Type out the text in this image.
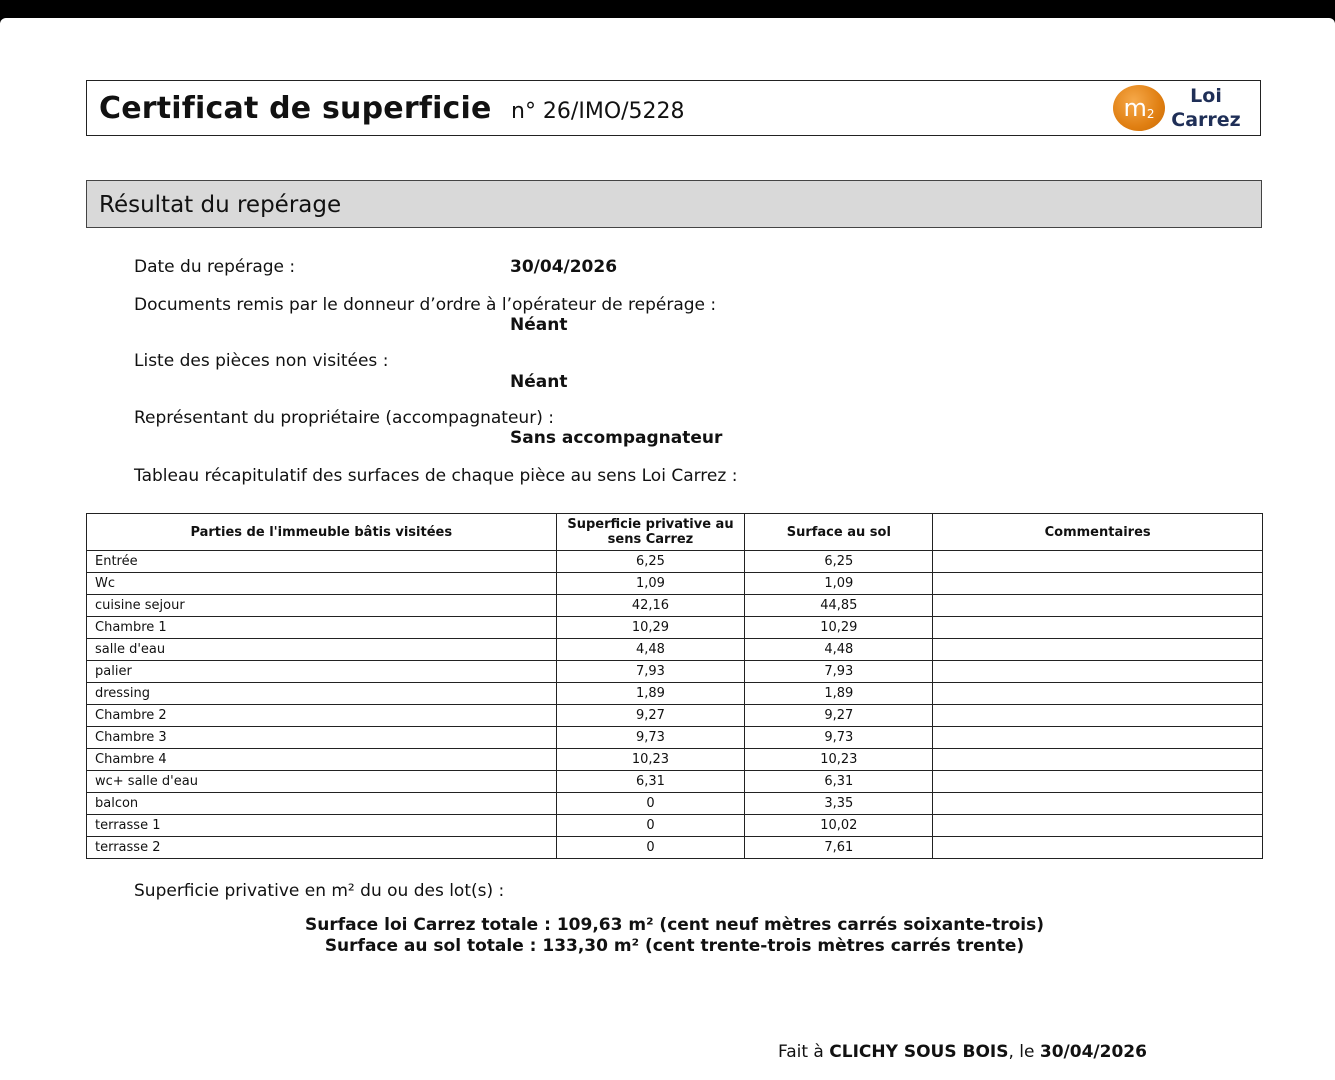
Certificat de superficie n° 26/IMO/5228	$m^2$
Loi
Carrez
Résultat du repérage
Date du repérage :	30/04/2026
Documents remis par le donneur d’ordre à l’opérateur de repérage :
Néant
Liste des pièces non visitées :
Néant
Représentant du propriétaire (accompagnateur) :
Sans accompagnateur
Tableau récapitulatif des surfaces de chaque pièce au sens Loi Carrez :
Parties de l'immeuble bâtis visitées	Superficie privative au sens Carrez	Surface au sol	Commentaires
Entrée	6,25	6,25	
Wc	1,09	1,09	
cuisine sejour	42,16	44,85	
Chambre 1	10,29	10,29	
salle d'eau	4,48	4,48	
palier	7,93	7,93	
dressing	1,89	1,89	
Chambre 2	9,27	9,27	
Chambre 3	9,73	9,73	
Chambre 4	10,23	10,23	
wc+ salle d'eau	6,31	6,31	
balcon	0	3,35	
terrasse 1	0	10,02	
terrasse 2	0	7,61	
Superficie privative en m² du ou des lot(s) :
Surface loi Carrez totale : 109,63 m² (cent neuf mètres carrés soixante-trois)
Surface au sol totale : 133,30 m² (cent trente-trois mètres carrés trente)
Fait à CLICHY SOUS BOIS, le 30/04/2026
